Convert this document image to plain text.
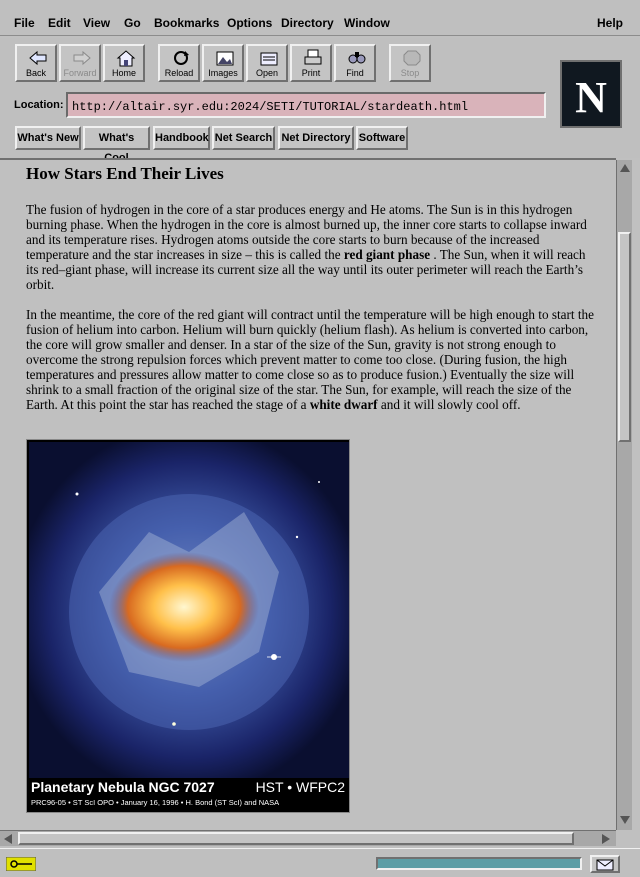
File Edit View Go Bookmarks Options Directory Window	Help
Back	Forward	Home	Reload	Images	Open	Print	Find	Stop	N
Location:
http://altair.syr.edu:2024/SETI/TUTORIAL/stardeath.html
What's New	What's	Handbook Net Search Net Directory Software
How Stars End Their Lives

The fusion of hydrogen in the core of a star produces energy and He atoms. The Sun is in this hydrogen burning phase. When the hydrogen in the core is almost burned up, the inner core starts to collapse inward and its temperature rises. Hydrogen atoms outside the core starts to burn because of the increased temperature and the star increases in size – this is called the red giant phase . The Sun, when it will reach its red–giant phase, will increase its current size all the way until its outer perimeter will reach the Earth’s orbit.

In the meantime, the core of the red giant will contract until the temperature will be high enough to start the fusion of helium into carbon. Helium will burn quickly (helium flash). As helium is converted into carbon, the core will grow smaller and denser. In a star of the size of the Sun, gravity is not strong enough to overcome the strong repulsion forces which prevent matter to come too close. (During fusion, the high temperatures and pressures allow matter to come close so as to produce fusion.) Eventually the size will shrink to a small fraction of the original size of the star. The Sun, for example, will reach the size of the Earth. At this point the star has reached the stage of a white dwarf and it will slowly cool off.

Planetary Nebula NGC 7027	HST • WFPC2
PRC96-05 • ST ScI OPO • January 16, 1996 • H. Bond (ST ScI) and NASA
